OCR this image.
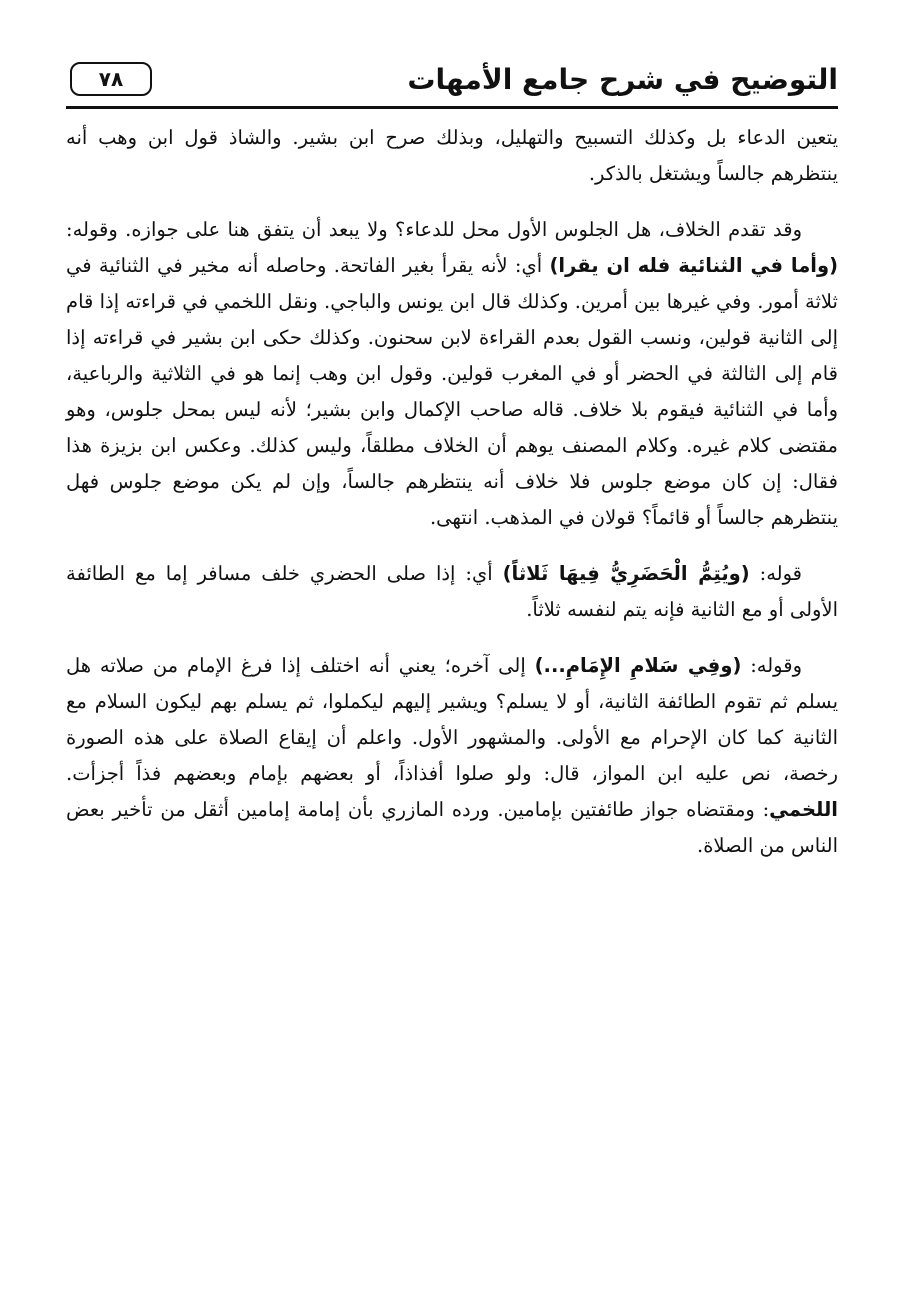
التوضيح في شرح جامع الأمهات
٧٨

يتعين الدعاء بل وكذلك التسبيح والتهليل، وبذلك صرح ابن بشير. والشاذ قول ابن وهب أنه ينتظرهم جالساً ويشتغل بالذكر.

وقد تقدم الخلاف، هل الجلوس الأول محل للدعاء؟ ولا يبعد أن يتفق هنا على جوازه. وقوله: (وأما في الثنائية فله ان يقرا) أي: لأنه يقرأ بغير الفاتحة. وحاصله أنه مخير في الثنائية في ثلاثة أمور. وفي غيرها بين أمرين. وكذلك قال ابن يونس والباجي. ونقل اللخمي في قراءته إذا قام إلى الثانية قولين، ونسب القول بعدم القراءة لابن سحنون. وكذلك حكى ابن بشير في قراءته إذا قام إلى الثالثة في الحضر أو في المغرب قولين. وقول ابن وهب إنما هو في الثلاثية والرباعية، وأما في الثنائية فيقوم بلا خلاف. قاله صاحب الإكمال وابن بشير؛ لأنه ليس بمحل جلوس، وهو مقتضى كلام غيره. وكلام المصنف يوهم أن الخلاف مطلقاً، وليس كذلك. وعكس ابن بزيزة هذا فقال: إن كان موضع جلوس فلا خلاف أنه ينتظرهم جالساً، وإن لم يكن موضع جلوس فهل ينتظرهم جالساً أو قائماً؟ قولان في المذهب. انتهى.

قوله: (ويُتِمُّ الْحَضَرِيُّ فِيهَا ثَلاثاً) أي: إذا صلى الحضري خلف مسافر إما مع الطائفة الأولى أو مع الثانية فإنه يتم لنفسه ثلاثاً.

وقوله: (وفِي سَلامِ الإِمَامِ...) إلى آخره؛ يعني أنه اختلف إذا فرغ الإمام من صلاته هل يسلم ثم تقوم الطائفة الثانية، أو لا يسلم؟ ويشير إليهم ليكملوا، ثم يسلم بهم ليكون السلام مع الثانية كما كان الإحرام مع الأولى. والمشهور الأول. واعلم أن إيقاع الصلاة على هذه الصورة رخصة، نص عليه ابن المواز، قال: ولو صلوا أفذاذاً، أو بعضهم بإمام وبعضهم فذاً أجزأت. اللخمي: ومقتضاه جواز طائفتين بإمامين. ورده المازري بأن إمامة إمامين أثقل من تأخير بعض الناس من الصلاة.
